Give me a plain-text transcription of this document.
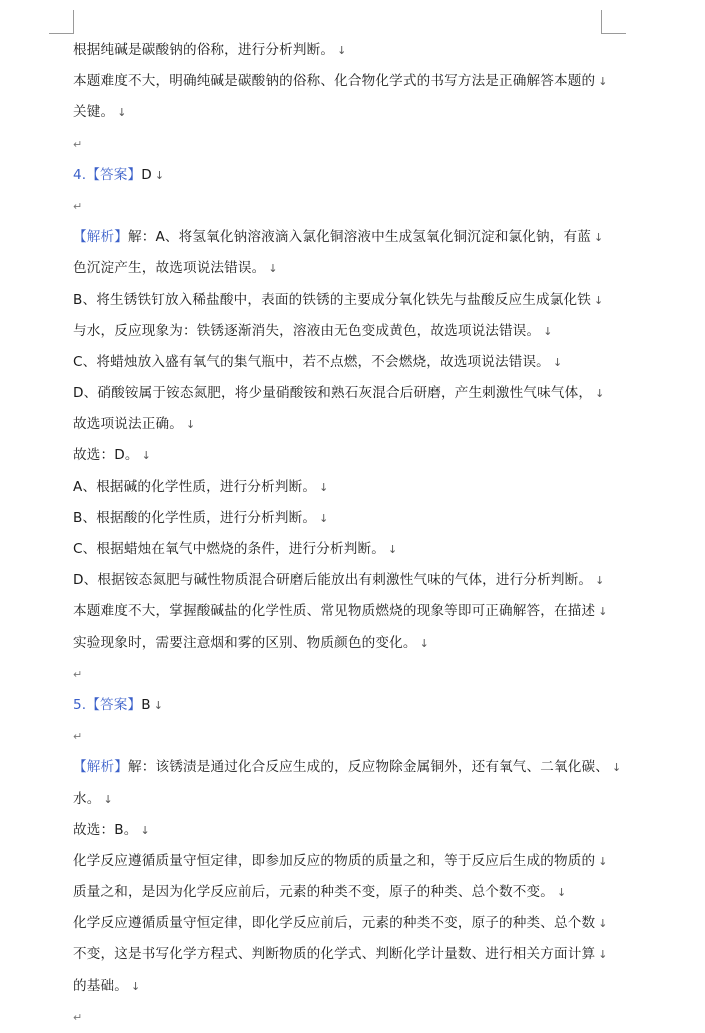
根据纯碱是碳酸钠的俗称，进行分析判断。 ↓
本题难度不大，明确纯碱是碳酸钠的俗称、化合物化学式的书写方法是正确解答本题的 ↓
关键。 ↓
↵
4.【答案】D ↓
↵
【解析】解：A、将氢氧化钠溶液滴入氯化铜溶液中生成氢氧化铜沉淀和氯化钠，有蓝 ↓
色沉淀产生，故选项说法错误。 ↓
B、将生锈铁钉放入稀盐酸中，表面的铁锈的主要成分氧化铁先与盐酸反应生成氯化铁 ↓
与水，反应现象为：铁锈逐渐消失，溶液由无色变成黄色，故选项说法错误。 ↓
C、将蜡烛放入盛有氧气的集气瓶中，若不点燃，不会燃烧，故选项说法错误。 ↓
D、硝酸铵属于铵态氮肥，将少量硝酸铵和熟石灰混合后研磨，产生刺激性气味气体， ↓
故选项说法正确。 ↓
故选：D。 ↓
A、根据碱的化学性质，进行分析判断。 ↓
B、根据酸的化学性质，进行分析判断。 ↓
C、根据蜡烛在氧气中燃烧的条件，进行分析判断。 ↓
D、根据铵态氮肥与碱性物质混合研磨后能放出有刺激性气味的气体，进行分析判断。 ↓
本题难度不大，掌握酸碱盐的化学性质、常见物质燃烧的现象等即可正确解答，在描述 ↓
实验现象时，需要注意烟和雾的区别、物质颜色的变化。 ↓
↵
5.【答案】B ↓
↵
【解析】解：该锈渍是通过化合反应生成的，反应物除金属铜外，还有氧气、二氧化碳、 ↓
水。 ↓
故选：B。 ↓
化学反应遵循质量守恒定律，即参加反应的物质的质量之和，等于反应后生成的物质的 ↓
质量之和，是因为化学反应前后，元素的种类不变，原子的种类、总个数不变。 ↓
化学反应遵循质量守恒定律，即化学反应前后，元素的种类不变，原子的种类、总个数 ↓
不变，这是书写化学方程式、判断物质的化学式、判断化学计量数、进行相关方面计算 ↓
的基础。 ↓
↵
